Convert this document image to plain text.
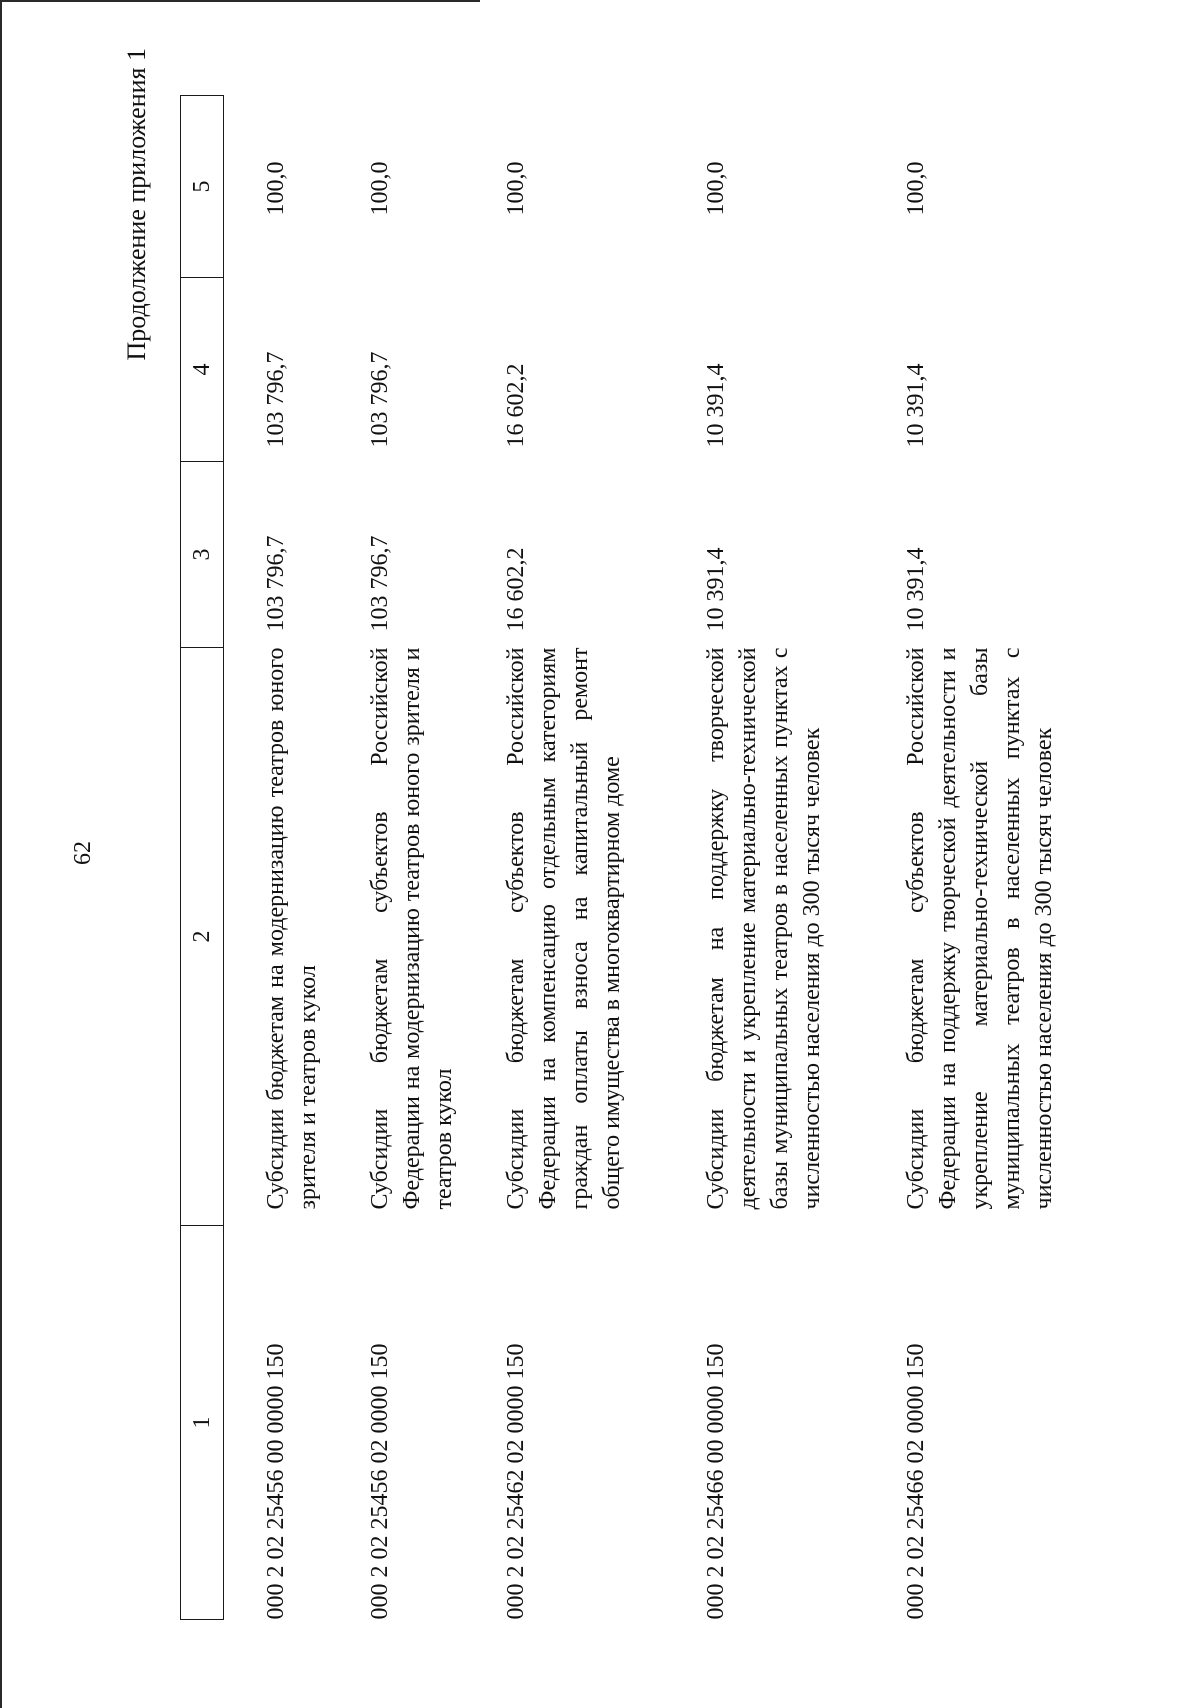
62
Продолжение приложения 1
1	2	3	4	5
000 2 02 25456 00 0000 150	Субсидии бюджетам на модернизацию театров юного зрителя и театров кукол	103 796,7	103 796,7	100,0
000 2 02 25456 02 0000 150	Субсидии бюджетам субъектов Российской Федерации на модернизацию театров юного зрителя и театров кукол	103 796,7	103 796,7	100,0
000 2 02 25462 02 0000 150	Субсидии бюджетам субъектов Российской Федерации на компенсацию отдельным категориям граждан оплаты взноса на капитальный ремонт общего имущества в многоквартирном доме	16 602,2	16 602,2	100,0
000 2 02 25466 00 0000 150	Субсидии бюджетам на поддержку творческой деятельности и укрепление материально-технической базы муниципальных театров в населенных пунктах с численностью населения до 300 тысяч человек	10 391,4	10 391,4	100,0
000 2 02 25466 02 0000 150	Субсидии бюджетам субъектов Российской Федерации на поддержку творческой деятельности и укрепление материально-технической базы муниципальных театров в населенных пунктах с численностью населения до 300 тысяч человек	10 391,4	10 391,4	100,0
